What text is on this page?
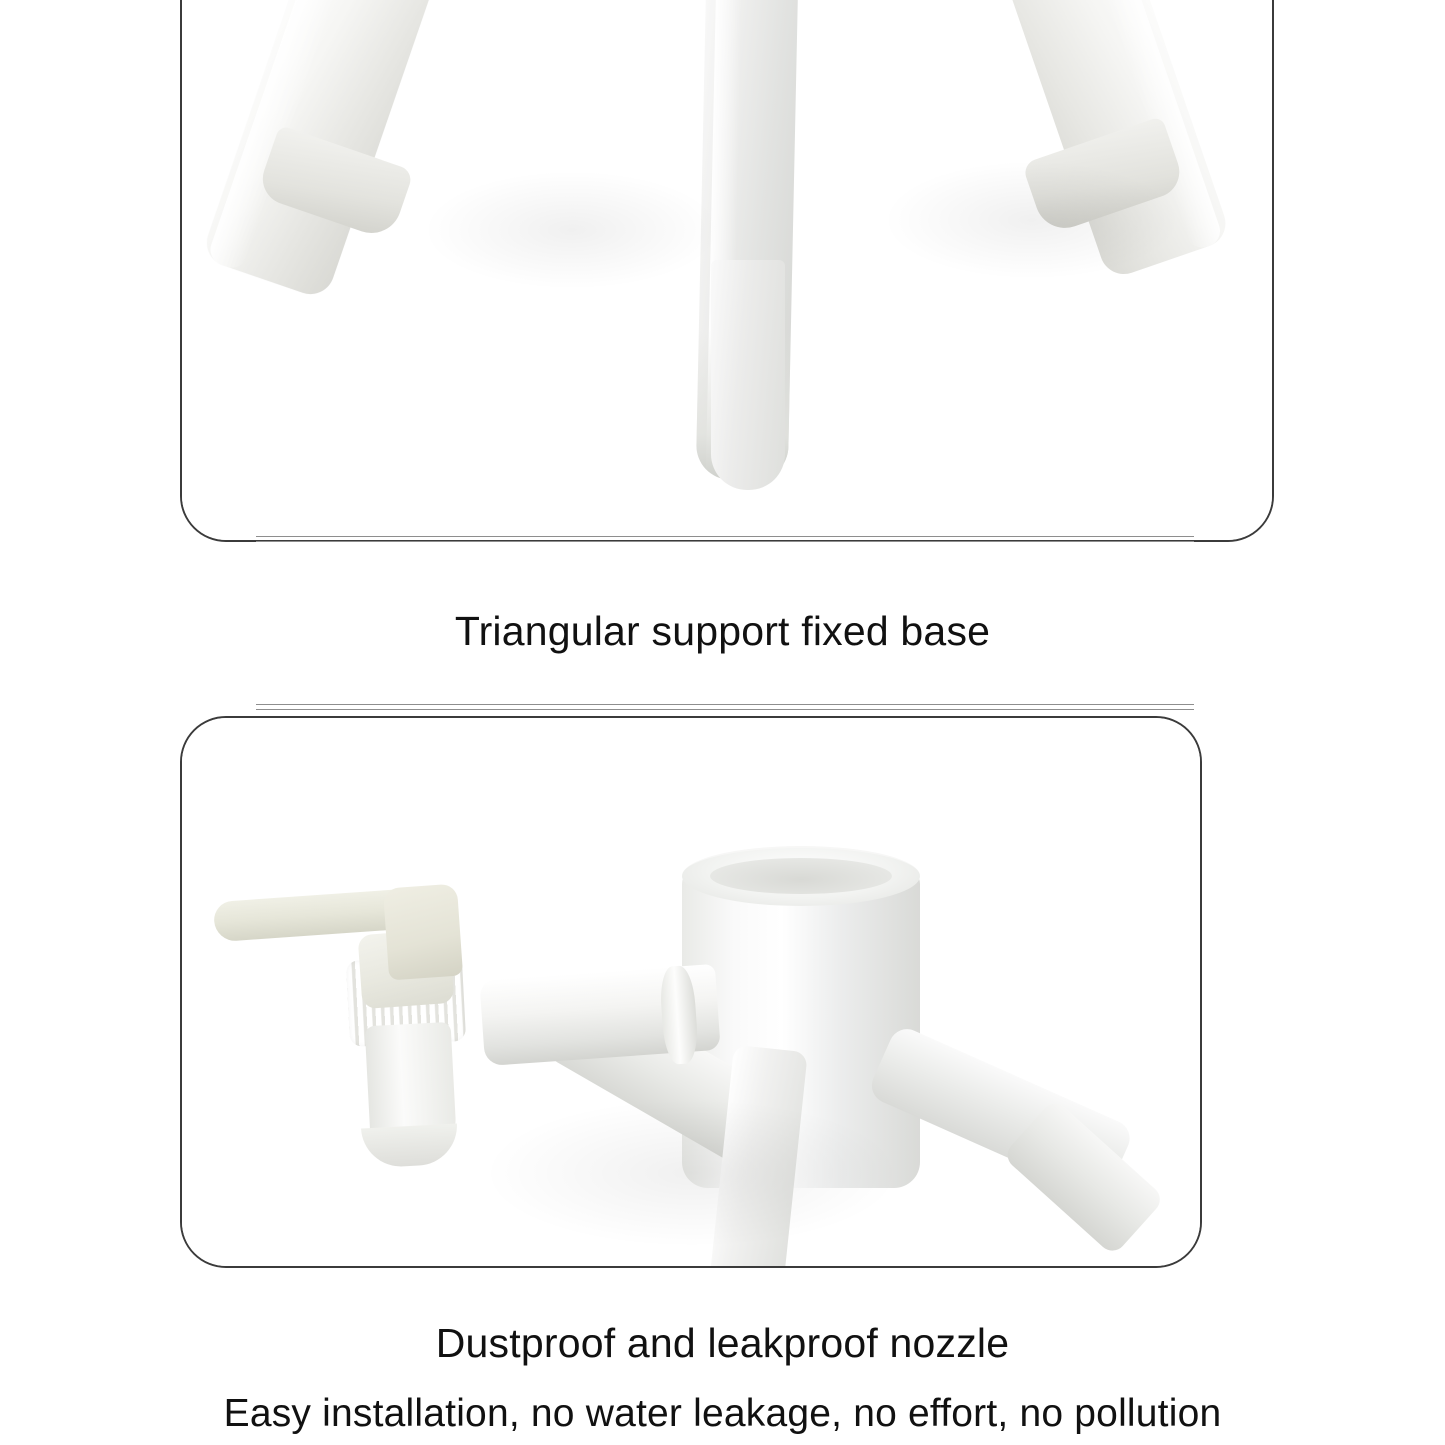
Triangular support fixed base
Dustproof and leakproof nozzle
Easy installation, no water leakage, no effort, no pollution
